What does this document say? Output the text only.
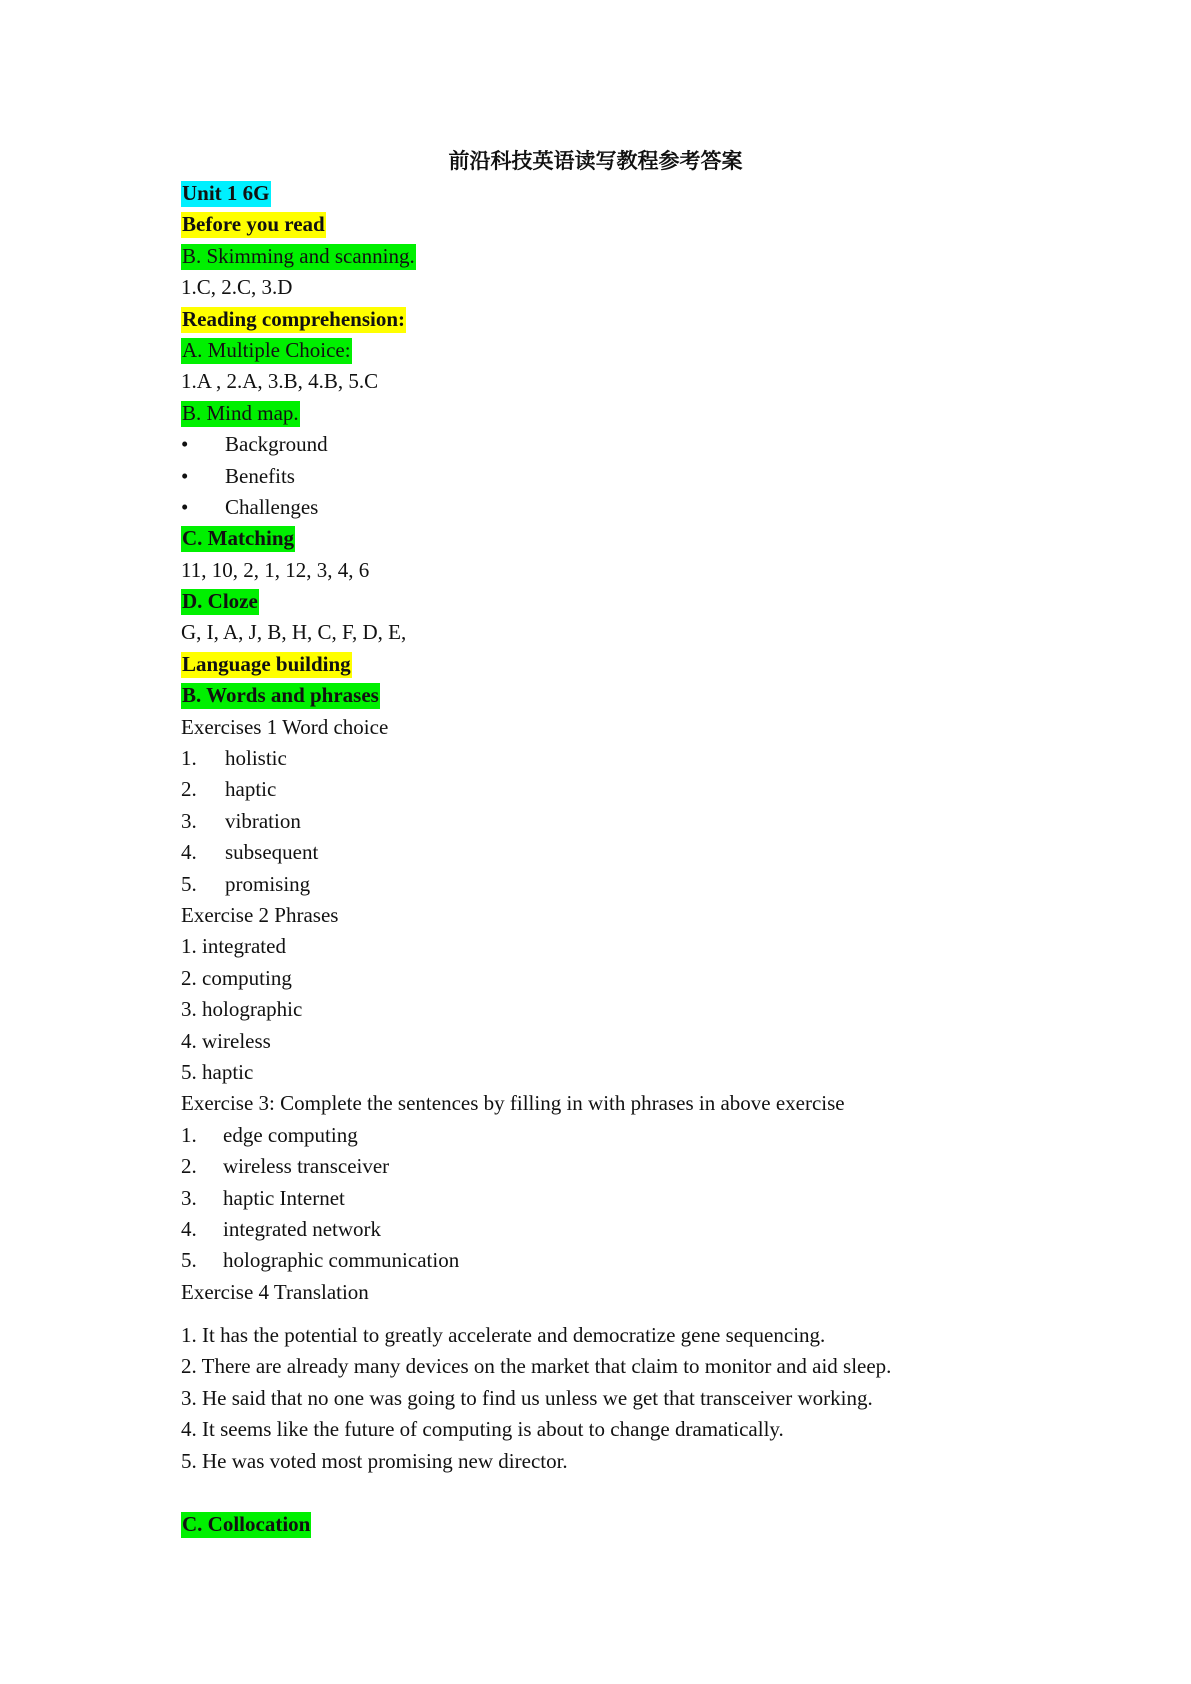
前沿科技英语读写教程参考答案
Unit 1 6G
Before you read
B. Skimming and scanning.
1.C, 2.C, 3.D
Reading comprehension:
A. Multiple Choice:
1.A , 2.A, 3.B, 4.B, 5.C
B. Mind map.
•	Background
•	Benefits
•	Challenges
C. Matching
11, 10, 2, 1, 12, 3, 4, 6
D. Cloze
G, I, A, J, B, H, C, F, D, E,
Language building
B. Words and phrases
Exercises 1 Word choice
1.	holistic
2.	haptic
3.	vibration
4.	subsequent
5.	promising
Exercise 2 Phrases
1. integrated
2. computing
3. holographic
4. wireless
5. haptic
Exercise 3: Complete the sentences by filling in with phrases in above exercise
1.	edge computing
2.	wireless transceiver
3.	haptic Internet
4.	integrated network
5.	holographic communication
Exercise 4 Translation
1. It has the potential to greatly accelerate and democratize gene sequencing.
2. There are already many devices on the market that claim to monitor and aid sleep.
3. He said that no one was going to find us unless we get that transceiver working.
4. It seems like the future of computing is about to change dramatically.
5. He was voted most promising new director.
C. Collocation
